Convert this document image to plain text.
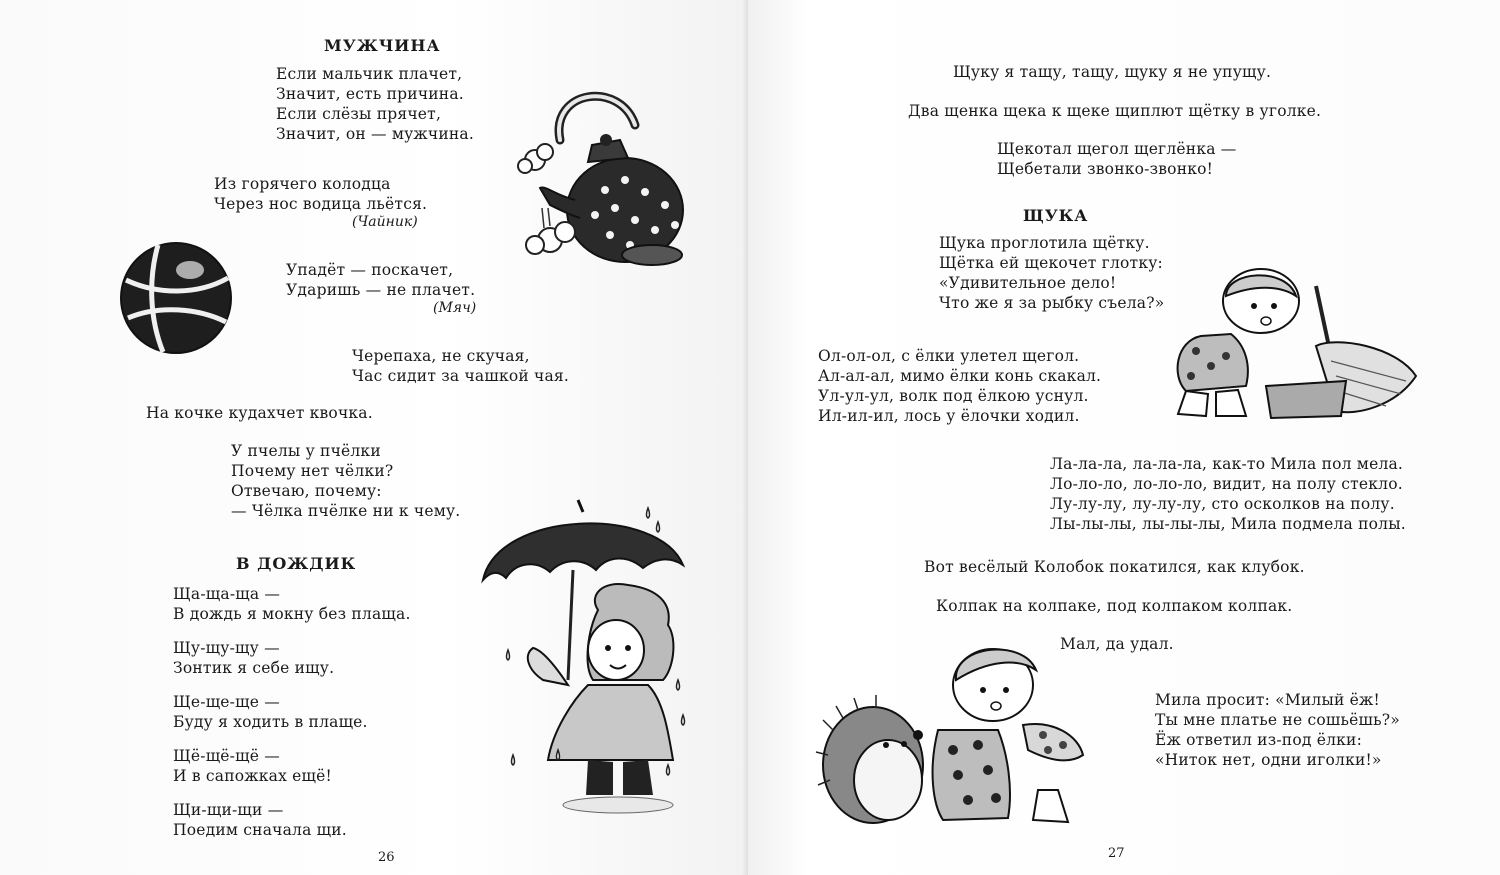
МУЖЧИНА
Если мальчик плачет,
Значит, есть причина.
Если слёзы прячет,
Значит, он — мужчина.
Из горячего колодца
Через нос водица льётся.
(Чайник)
Упадёт — поскачет,
Ударишь — не плачет.
(Мяч)
Черепаха, не скучая,
Час сидит за чашкой чая.
На кочке кудахчет квочка.
У пчелы у пчёлки
Почему нет чёлки?
Отвечаю, почему:
— Чёлка пчёлке ни к чему.
В ДОЖДИК
Ща-ща-ща —
В дождь я мокну без плаща.
Щу-щу-щу —
Зонтик я себе ищу.
Ще-ще-ще —
Буду я ходить в плаще.
Щё-щё-щё —
И в сапожках ещё!
Щи-щи-щи —
Поедим сначала щи.
26
Щуку я тащу, тащу, щуку я не упущу.
Два щенка щека к щеке щиплют щётку в уголке.
Щекотал щегол щеглёнка —
Щебетали звонко-звонко!
ЩУКА
Щука проглотила щётку.
Щётка ей щекочет глотку:
«Удивительное дело!
Что же я за рыбку съела?»
Ол-ол-ол, с ёлки улетел щегол.
Ал-ал-ал, мимо ёлки конь скакал.
Ул-ул-ул, волк под ёлкою уснул.
Ил-ил-ил, лось у ёлочки ходил.
Ла-ла-ла, ла-ла-ла, как-то Мила пол мела.
Ло-ло-ло, ло-ло-ло, видит, на полу стекло.
Лу-лу-лу, лу-лу-лу, сто осколков на полу.
Лы-лы-лы, лы-лы-лы, Мила подмела полы.
Вот весёлый Колобок покатился, как клубок.
Колпак на колпаке, под колпаком колпак.
Мал, да удал.
Мила просит: «Милый ёж!
Ты мне платье не сошьёшь?»
Ёж ответил из-под ёлки:
«Ниток нет, одни иголки!»
27
